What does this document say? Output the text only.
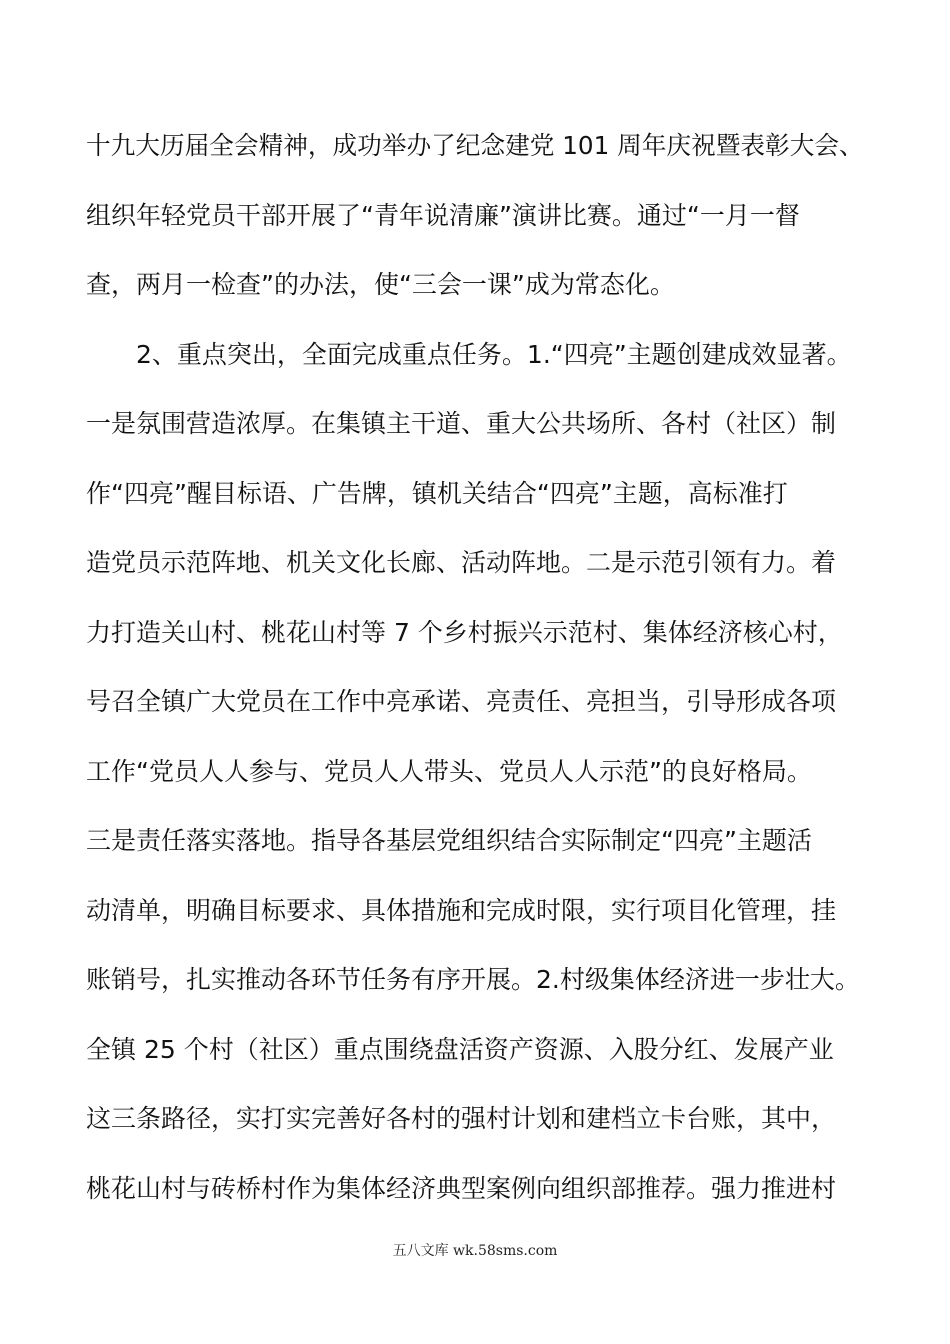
十九大历届全会精神，成功举办了纪念建党 101 周年庆祝暨表彰大会、
组织年轻党员干部开展了“青年说清廉”演讲比赛。通过“一月一督
查，两月一检查”的办法，使“三会一课”成为常态化。
2、重点突出，全面完成重点任务。1.“四亮”主题创建成效显著。
一是氛围营造浓厚。在集镇主干道、重大公共场所、各村（社区）制
作“四亮”醒目标语、广告牌，镇机关结合“四亮”主题，高标准打
造党员示范阵地、机关文化长廊、活动阵地。二是示范引领有力。着
力打造关山村、桃花山村等 7 个乡村振兴示范村、集体经济核心村，
号召全镇广大党员在工作中亮承诺、亮责任、亮担当，引导形成各项
工作“党员人人参与、党员人人带头、党员人人示范”的良好格局。
三是责任落实落地。指导各基层党组织结合实际制定“四亮”主题活
动清单，明确目标要求、具体措施和完成时限，实行项目化管理，挂
账销号，扎实推动各环节任务有序开展。2.村级集体经济进一步壮大。
全镇 25 个村（社区）重点围绕盘活资产资源、入股分红、发展产业
这三条路径，实打实完善好各村的强村计划和建档立卡台账，其中，
桃花山村与砖桥村作为集体经济典型案例向组织部推荐。强力推进村
五八文库 wk.58sms.com
